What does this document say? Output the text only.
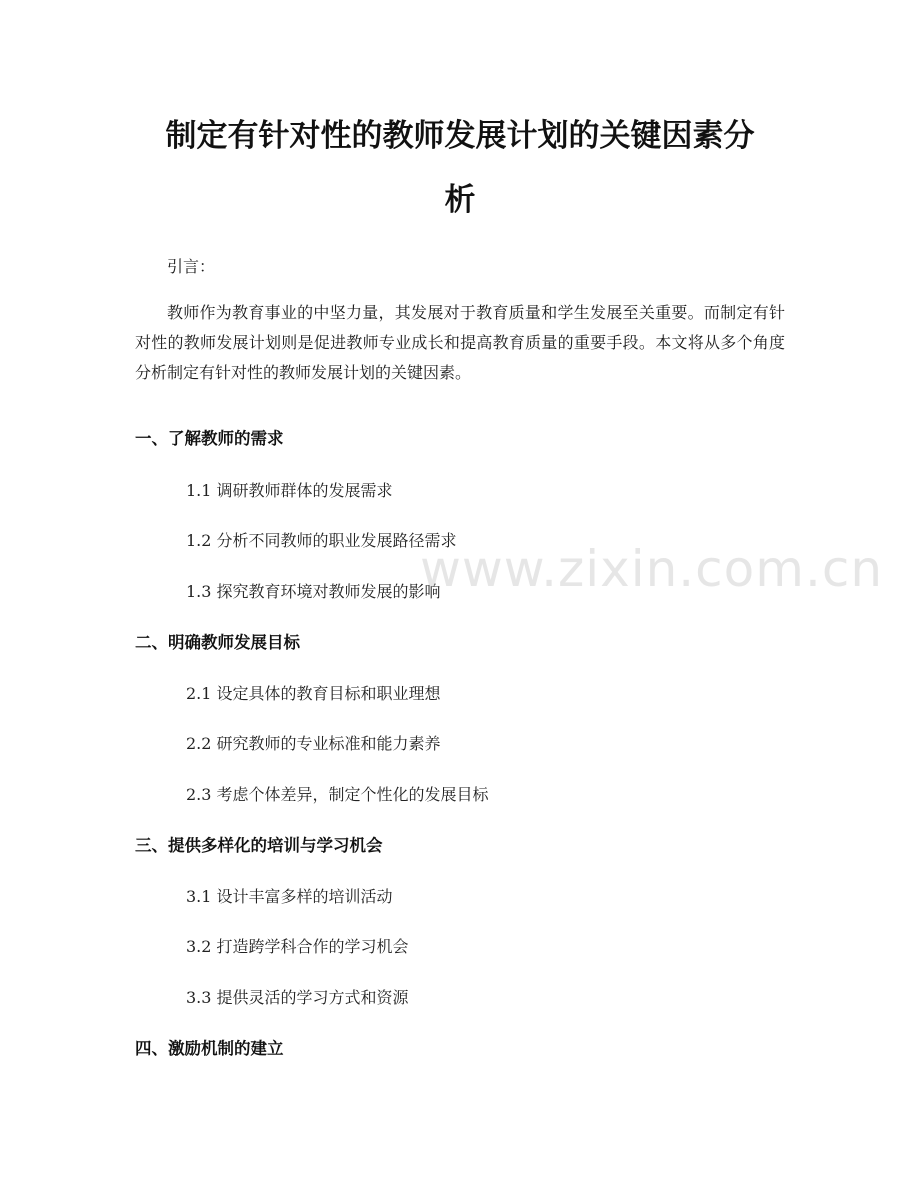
制定有针对性的教师发展计划的关键因素分
析

引言：

教师作为教育事业的中坚力量，其发展对于教育质量和学生发展至关重要。而制定有针对性的教师发展计划则是促进教师专业成长和提高教育质量的重要手段。本文将从多个角度分析制定有针对性的教师发展计划的关键因素。

一、了解教师的需求

1.1 调研教师群体的发展需求

1.2 分析不同教师的职业发展路径需求

1.3 探究教育环境对教师发展的影响

二、明确教师发展目标

2.1 设定具体的教育目标和职业理想

2.2 研究教师的专业标准和能力素养

2.3 考虑个体差异，制定个性化的发展目标

三、提供多样化的培训与学习机会

3.1 设计丰富多样的培训活动

3.2 打造跨学科合作的学习机会

3.3 提供灵活的学习方式和资源

四、激励机制的建立
www.zixin.com.cn
